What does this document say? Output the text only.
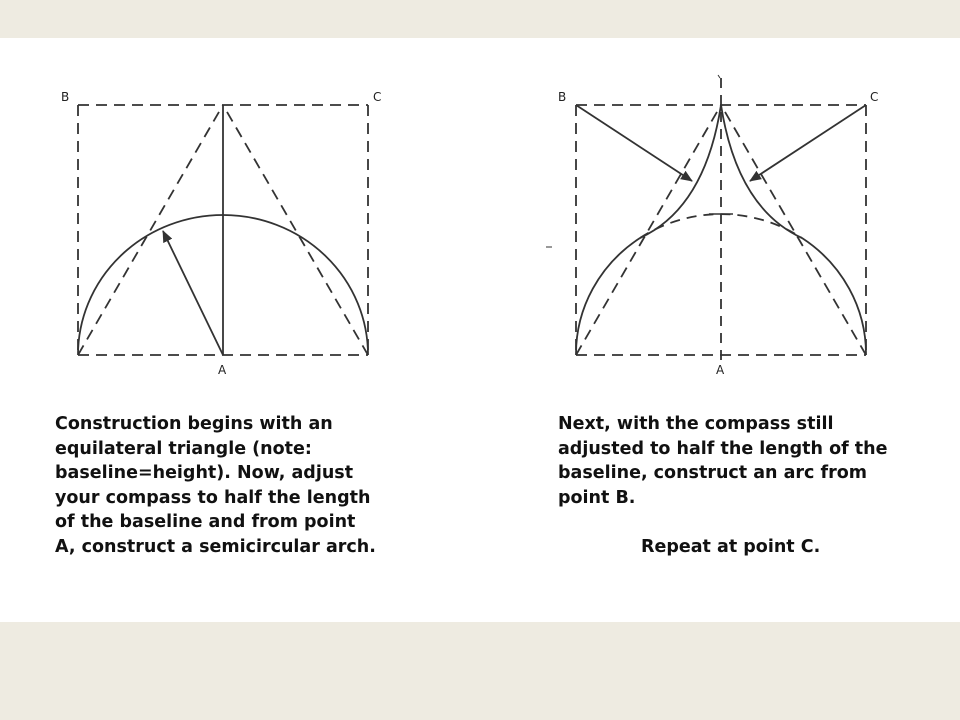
B	C
A
B	C
A

Construction begins with an
equilateral triangle (note:
baseline=height). Now, adjust
your compass to half the length
of the baseline and from point
A, construct a semicircular arch.

Next, with the compass still
adjusted to half the length of the
baseline, construct an arc from
point B.

Repeat at point C.
